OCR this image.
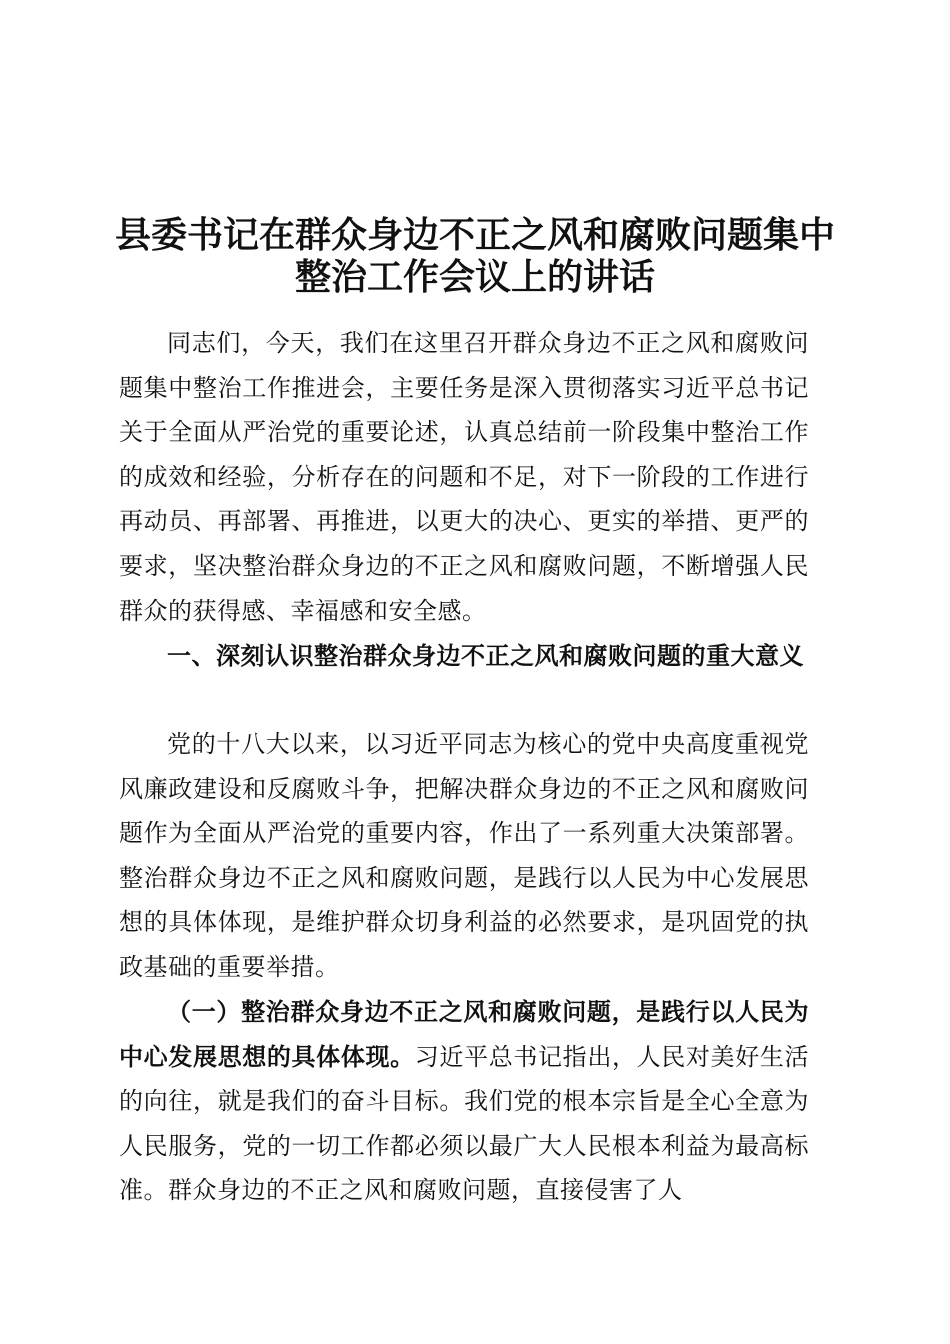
县委书记在群众身边不正之风和腐败问题集中
整治工作会议上的讲话

同志们，今天，我们在这里召开群众身边不正之风和腐败问题集中整治工作推进会，主要任务是深入贯彻落实习近平总书记关于全面从严治党的重要论述，认真总结前一阶段集中整治工作的成效和经验，分析存在的问题和不足，对下一阶段的工作进行再动员、再部署、再推进，以更大的决心、更实的举措、更严的要求，坚决整治群众身边的不正之风和腐败问题，不断增强人民群众的获得感、幸福感和安全感。

一、深刻认识整治群众身边不正之风和腐败问题的重大意义

党的十八大以来，以习近平同志为核心的党中央高度重视党风廉政建设和反腐败斗争，把解决群众身边的不正之风和腐败问题作为全面从严治党的重要内容，作出了一系列重大决策部署。整治群众身边不正之风和腐败问题，是践行以人民为中心发展思想的具体体现，是维护群众切身利益的必然要求，是巩固党的执政基础的重要举措。

（一）整治群众身边不正之风和腐败问题，是践行以人民为中心发展思想的具体体现。习近平总书记指出，人民对美好生活的向往，就是我们的奋斗目标。我们党的根本宗旨是全心全意为人民服务，党的一切工作都必须以最广大人民根本利益为最高标准。群众身边的不正之风和腐败问题，直接侵害了人
